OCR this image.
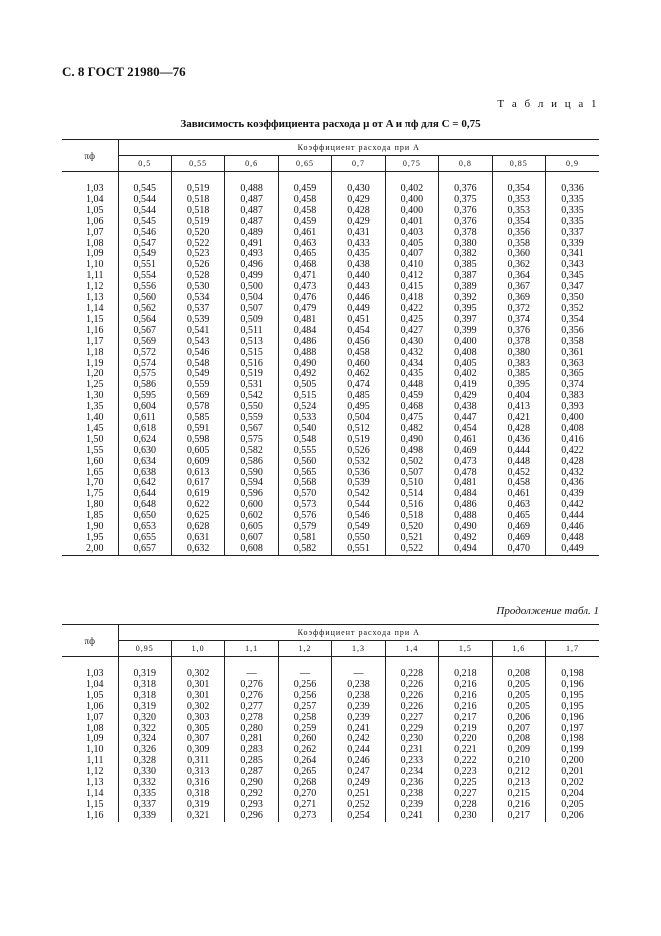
С. 8 ГОСТ 21980—76
Т а б л и ц а 1
Зависимость коэффициента расхода μ от A и πф для C = 0,75
πф	Коэффициент расхода при A								
	0,5	0,55	0,6	0,65	0,7	0,75	0,8	0,85	0,9
1,03	0,545	0,519	0,488	0,459	0,430	0,402	0,376	0,354	0,336
1,04	0,544	0,518	0,487	0,458	0,429	0,400	0,375	0,353	0,335
1,05	0,544	0,518	0,487	0,458	0,428	0,400	0,376	0,353	0,335
1,06	0,545	0,519	0,487	0,459	0,429	0,401	0,376	0,354	0,335
1,07	0,546	0,520	0,489	0,461	0,431	0,403	0,378	0,356	0,337
1,08	0,547	0,522	0,491	0,463	0,433	0,405	0,380	0,358	0,339
1,09	0,549	0,523	0,493	0,465	0,435	0,407	0,382	0,360	0,341
1,10	0,551	0,526	0,496	0,468	0,438	0,410	0,385	0,362	0,343
1,11	0,554	0,528	0,499	0,471	0,440	0,412	0,387	0,364	0,345
1,12	0,556	0,530	0,500	0,473	0,443	0,415	0,389	0,367	0,347
1,13	0,560	0,534	0,504	0,476	0,446	0,418	0,392	0,369	0,350
1,14	0,562	0,537	0,507	0,479	0,449	0,422	0,395	0,372	0,352
1,15	0,564	0,539	0,509	0,481	0,451	0,425	0,397	0,374	0,354
1,16	0,567	0,541	0,511	0,484	0,454	0,427	0,399	0,376	0,356
1,17	0,569	0,543	0,513	0,486	0,456	0,430	0,400	0,378	0,358
1,18	0,572	0,546	0,515	0,488	0,458	0,432	0,408	0,380	0,361
1,19	0,574	0,548	0,516	0,490	0,460	0,434	0,405	0,383	0,363
1,20	0,575	0,549	0,519	0,492	0,462	0,435	0,402	0,385	0,365
1,25	0,586	0,559	0,531	0,505	0,474	0,448	0,419	0,395	0,374
1,30	0,595	0,569	0,542	0,515	0,485	0,459	0,429	0,404	0,383
1,35	0,604	0,578	0,550	0,524	0,495	0,468	0,438	0,413	0,393
1,40	0,611	0,585	0,559	0,533	0,504	0,475	0,447	0,421	0,400
1,45	0,618	0,591	0,567	0,540	0,512	0,482	0,454	0,428	0,408
1,50	0,624	0,598	0,575	0,548	0,519	0,490	0,461	0,436	0,416
1,55	0,630	0,605	0,582	0,555	0,526	0,498	0,469	0,444	0,422
1,60	0,634	0,609	0,586	0,560	0,532	0,502	0,473	0,448	0,428
1,65	0,638	0,613	0,590	0,565	0,536	0,507	0,478	0,452	0,432
1,70	0,642	0,617	0,594	0,568	0,539	0,510	0,481	0,458	0,436
1,75	0,644	0,619	0,596	0,570	0,542	0,514	0,484	0,461	0,439
1,80	0,648	0,622	0,600	0,573	0,544	0,516	0,486	0,463	0,442
1,85	0,650	0,625	0,602	0,576	0,546	0,518	0,488	0,465	0,444
1,90	0,653	0,628	0,605	0,579	0,549	0,520	0,490	0,469	0,446
1,95	0,655	0,631	0,607	0,581	0,550	0,521	0,492	0,469	0,448
2,00	0,657	0,632	0,608	0,582	0,551	0,522	0,494	0,470	0,449
Продолжение табл. 1
πф	Коэффициент расхода при A								
	0,95	1,0	1,1	1,2	1,3	1,4	1,5	1,6	1,7
1,03	0,319	0,302	—	—	—	0,228	0,218	0,208	0,198
1,04	0,318	0,301	0,276	0,256	0,238	0,226	0,216	0,205	0,196
1,05	0,318	0,301	0,276	0,256	0,238	0,226	0,216	0,205	0,195
1,06	0,319	0,302	0,277	0,257	0,239	0,226	0,216	0,205	0,195
1,07	0,320	0,303	0,278	0,258	0,239	0,227	0,217	0,206	0,196
1,08	0,322	0,305	0,280	0,259	0,241	0,229	0,219	0,207	0,197
1,09	0,324	0,307	0,281	0,260	0,242	0,230	0,220	0,208	0,198
1,10	0,326	0,309	0,283	0,262	0,244	0,231	0,221	0,209	0,199
1,11	0,328	0,311	0,285	0,264	0,246	0,233	0,222	0,210	0,200
1,12	0,330	0,313	0,287	0,265	0,247	0,234	0,223	0,212	0,201
1,13	0,332	0,316	0,290	0,268	0,249	0,236	0,225	0,213	0,202
1,14	0,335	0,318	0,292	0,270	0,251	0,238	0,227	0,215	0,204
1,15	0,337	0,319	0,293	0,271	0,252	0,239	0,228	0,216	0,205
1,16	0,339	0,321	0,296	0,273	0,254	0,241	0,230	0,217	0,206
